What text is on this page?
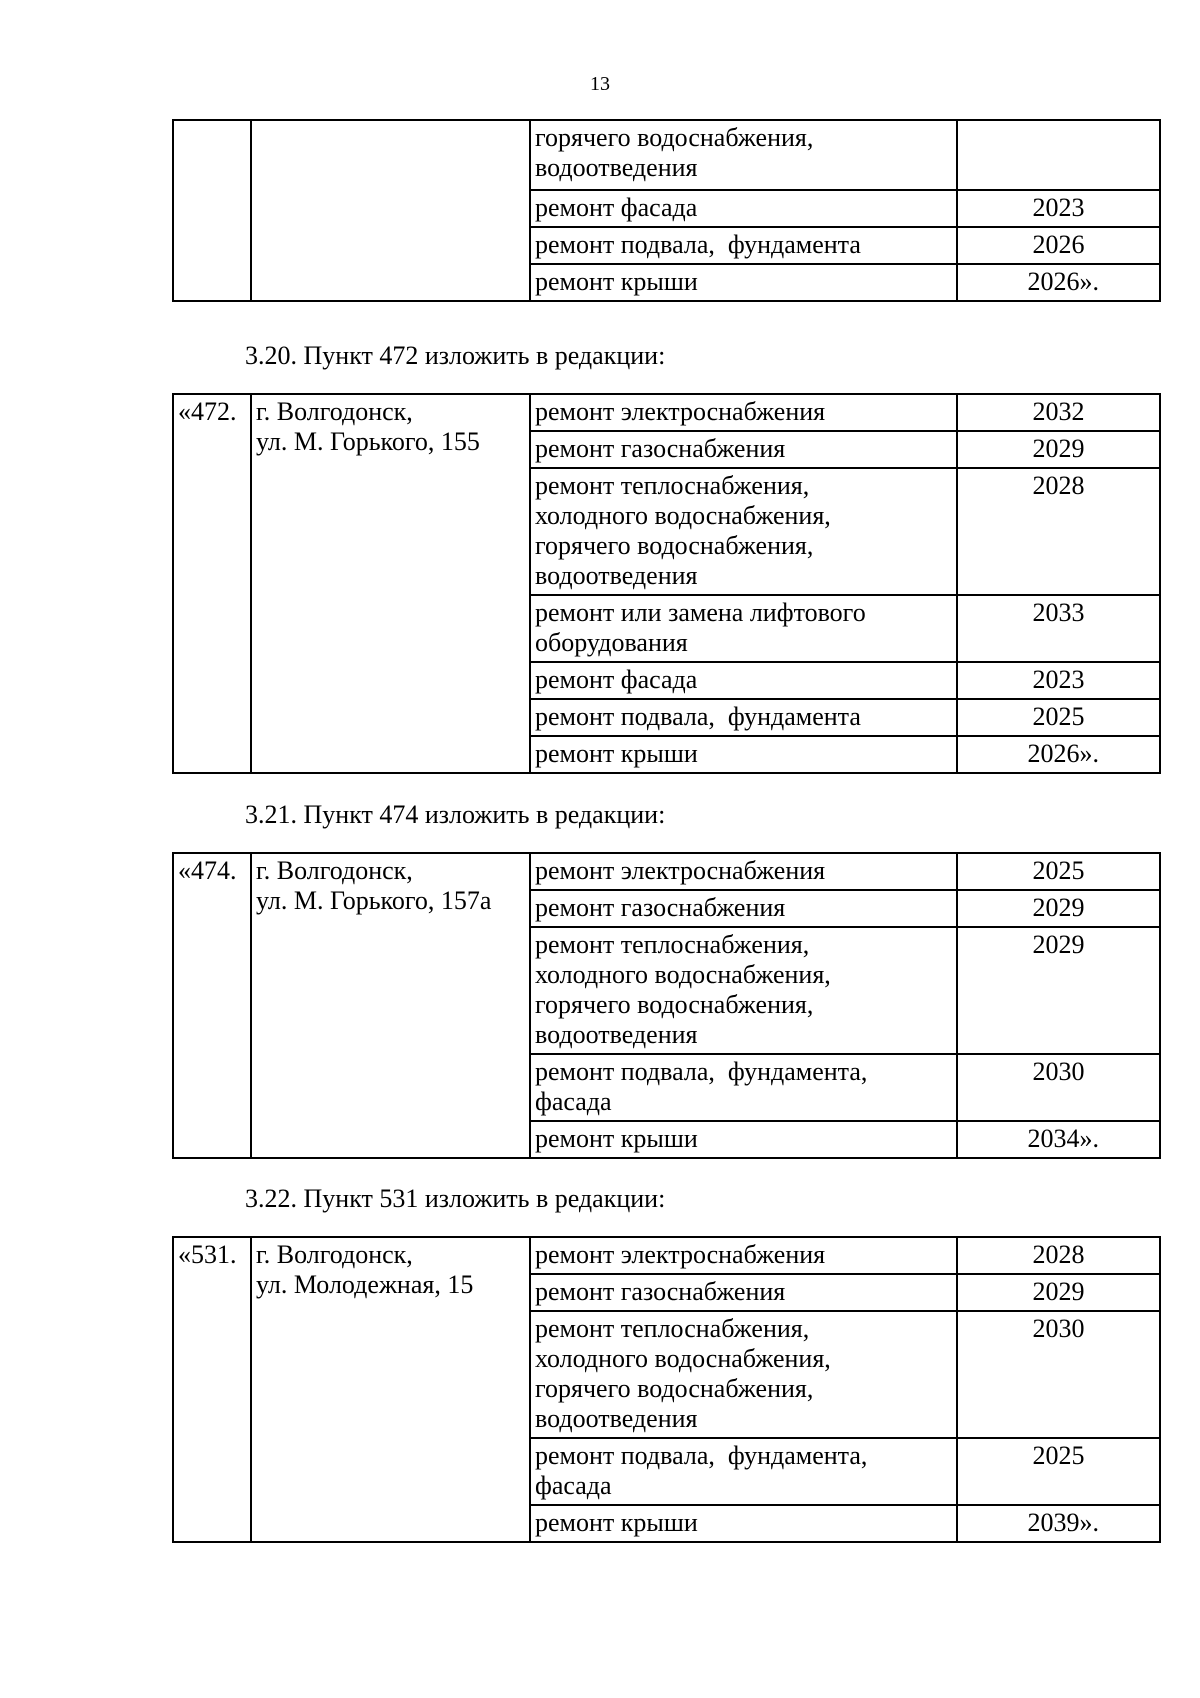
13
		горячего водоснабжения,
водоотведения	
		ремонт фасада	2023
		ремонт подвала,  фундамента	2026
		ремонт крыши	2026».
3.20. Пункт 472 изложить в редакции:
«472.	г. Волгодонск,
ул. М. Горького, 155	ремонт электроснабжения	2032
		ремонт газоснабжения	2029
		ремонт теплоснабжения,
холодного водоснабжения,
горячего водоснабжения,
водоотведения	2028
		ремонт или замена лифтового
оборудования	2033
		ремонт фасада	2023
		ремонт подвала,  фундамента	2025
		ремонт крыши	2026».
3.21. Пункт 474 изложить в редакции:
«474.	г. Волгодонск,
ул. М. Горького, 157а	ремонт электроснабжения	2025
		ремонт газоснабжения	2029
		ремонт теплоснабжения,
холодного водоснабжения,
горячего водоснабжения,
водоотведения	2029
		ремонт подвала,  фундамента,
фасада	2030
		ремонт крыши	2034».
3.22. Пункт 531 изложить в редакции:
«531.	г. Волгодонск,
ул. Молодежная, 15	ремонт электроснабжения	2028
		ремонт газоснабжения	2029
		ремонт теплоснабжения,
холодного водоснабжения,
горячего водоснабжения,
водоотведения	2030
		ремонт подвала,  фундамента,
фасада	2025
		ремонт крыши	2039».
